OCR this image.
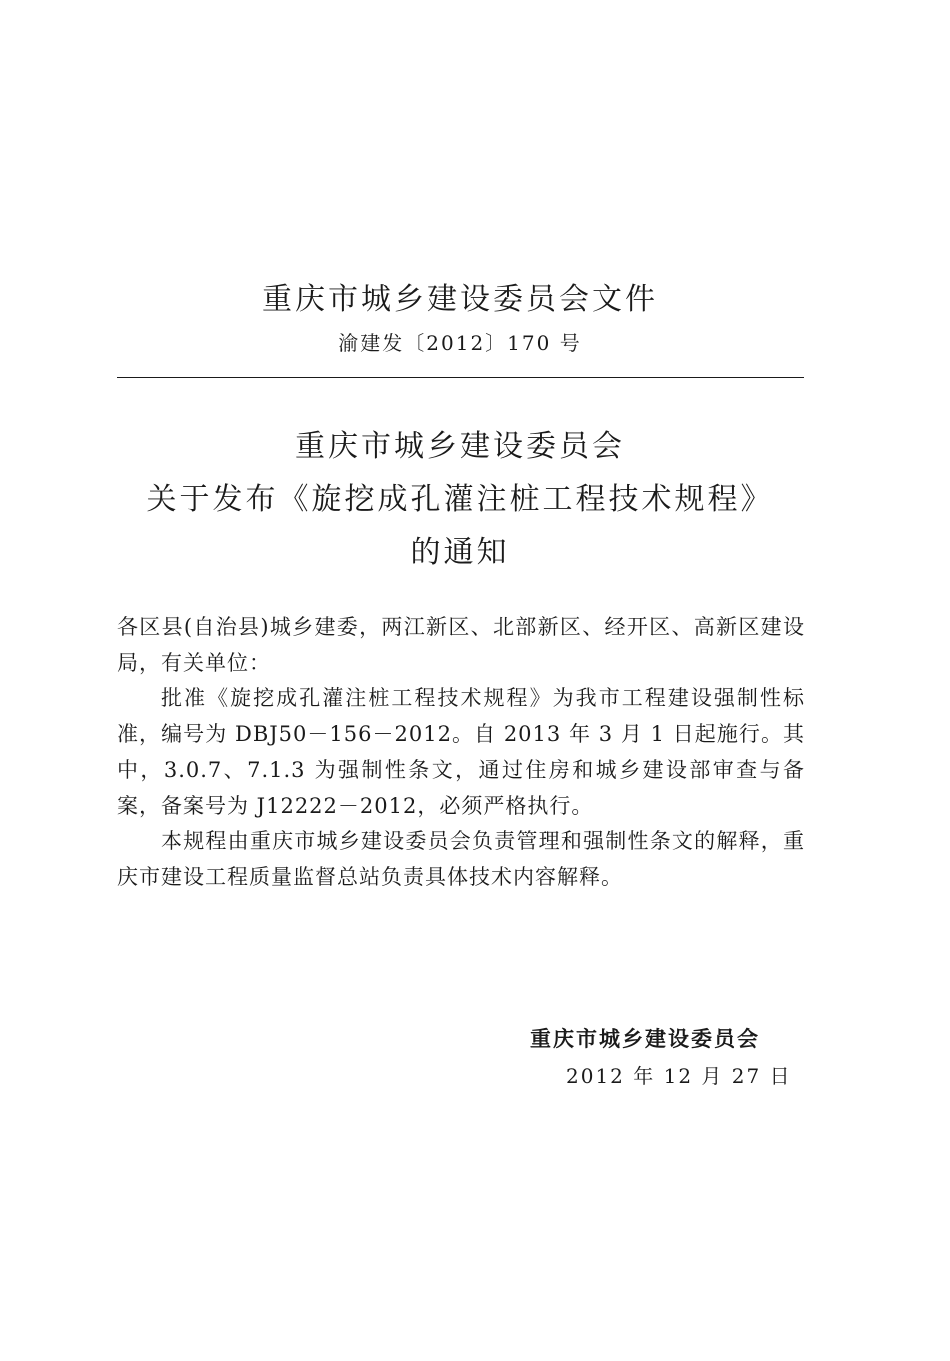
重庆市城乡建设委员会文件
渝建发〔2012〕170 号
重庆市城乡建设委员会
关于发布《旋挖成孔灌注桩工程技术规程》
的通知

各区县(自治县)城乡建委，两江新区、北部新区、经开区、高新区建设局，有关单位：

批准《旋挖成孔灌注桩工程技术规程》为我市工程建设强制性标准，编号为 DBJ50－156－2012。自 2013 年 3 月 1 日起施行。其中，3.0.7、7.1.3 为强制性条文，通过住房和城乡建设部审查与备案，备案号为 J12222－2012，必须严格执行。

本规程由重庆市城乡建设委员会负责管理和强制性条文的解释，重庆市建设工程质量监督总站负责具体技术内容解释。

重庆市城乡建设委员会
2012 年 12 月 27 日
